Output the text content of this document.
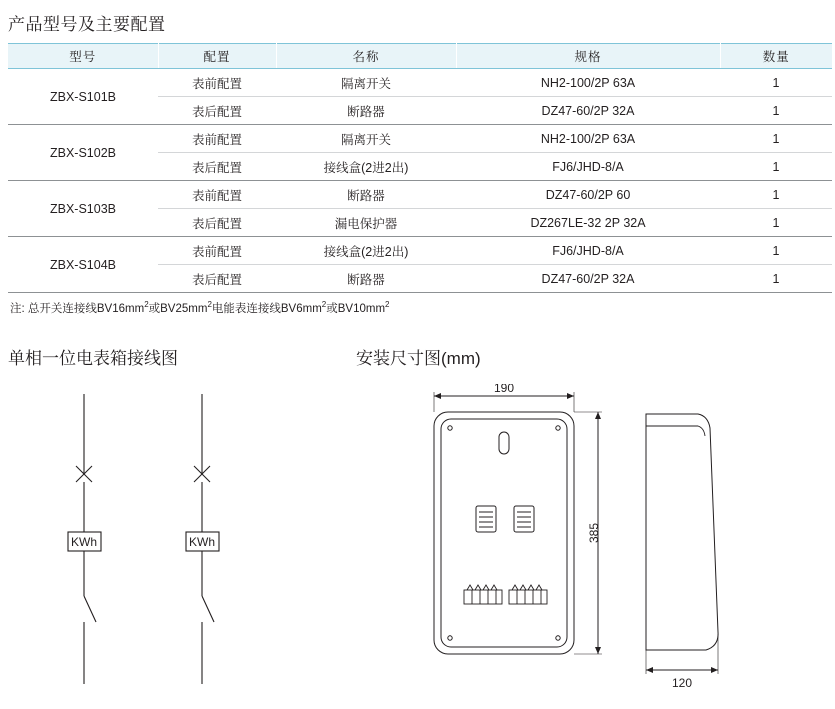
产品型号及主要配置
型号	配置	名称	规格	数量
ZBX-S101B	表前配置	隔离开关	NH2-100/2P 63A	1
	表后配置	断路器	DZ47-60/2P 32A	1
ZBX-S102B	表前配置	隔离开关	NH2-100/2P 63A	1
	表后配置	接线盒(2进2出)	FJ6/JHD-8/A	1
ZBX-S103B	表前配置	断路器	DZ47-60/2P 60	1
	表后配置	漏电保护器	DZ267LE-32 2P 32A	1
ZBX-S104B	表前配置	接线盒(2进2出)	FJ6/JHD-8/A	1
	表后配置	断路器	DZ47-60/2P 32A	1
注: 总开关连接线$BV16mm^2$或$BV25mm^2$电能表连接线$BV6mm^2$或$BV10mm^2$
单相一位电表箱接线图	安装尺寸图(mm)
KWh	KWh
190
385
120
